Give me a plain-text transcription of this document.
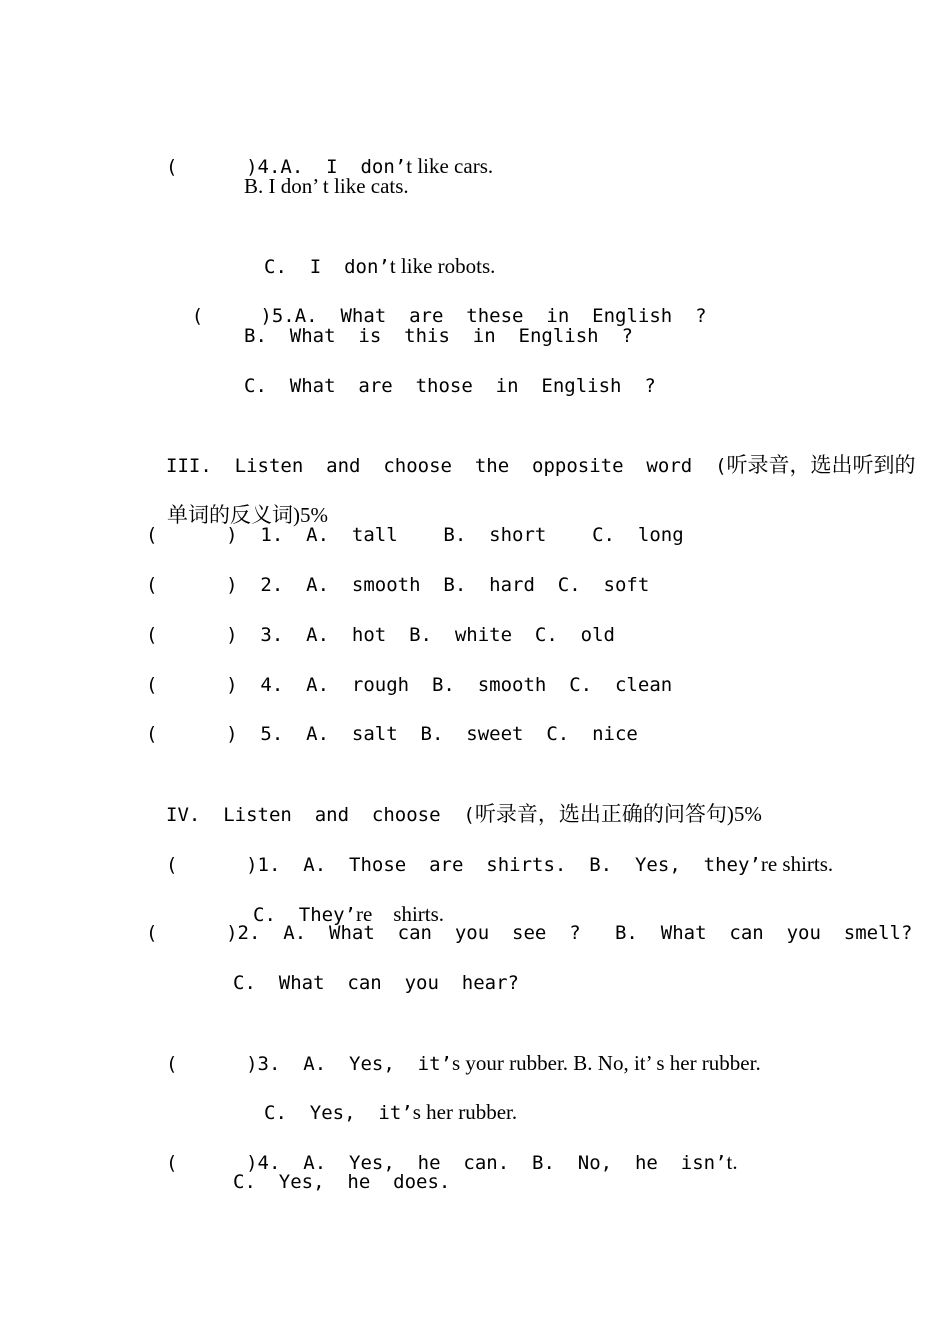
(      )4.A.  I  don’t like cars.

B. I don’ t like cats.

C.  I  don’t like robots.

(     )5.A.  What  are  these  in  English  ?

B.  What  is  this  in  English  ?
C.  What  are  those  in  English  ?

III.  Listen  and  choose  the  opposite  word  (听录音，选出听到的

单词的反义词)5%

(      )  1.  A.  tall    B.  short    C.  long
(      )  2.  A.  smooth  B.  hard  C.  soft
(      )  3.  A.  hot  B.  white  C.  old
(      )  4.  A.  rough  B.  smooth  C.  clean
(      )  5.  A.  salt  B.  sweet  C.  nice

IV.  Listen  and  choose  (听录音，选出正确的问答句)5%

(      )1.  A.  Those  are  shirts.  B.  Yes,  they’re shirts.

C.  They’re    shirts.

(      )2.  A.  What  can  you  see  ?   B.  What  can  you  smell?
C.  What  can  you  hear?

(      )3.  A.  Yes,  it’s your rubber. B. No, it’ s her rubber.

C.  Yes,  it’s her rubber.

(      )4.  A.  Yes,  he  can.  B.  No,  he  isn’t.

C.  Yes,  he  does.
